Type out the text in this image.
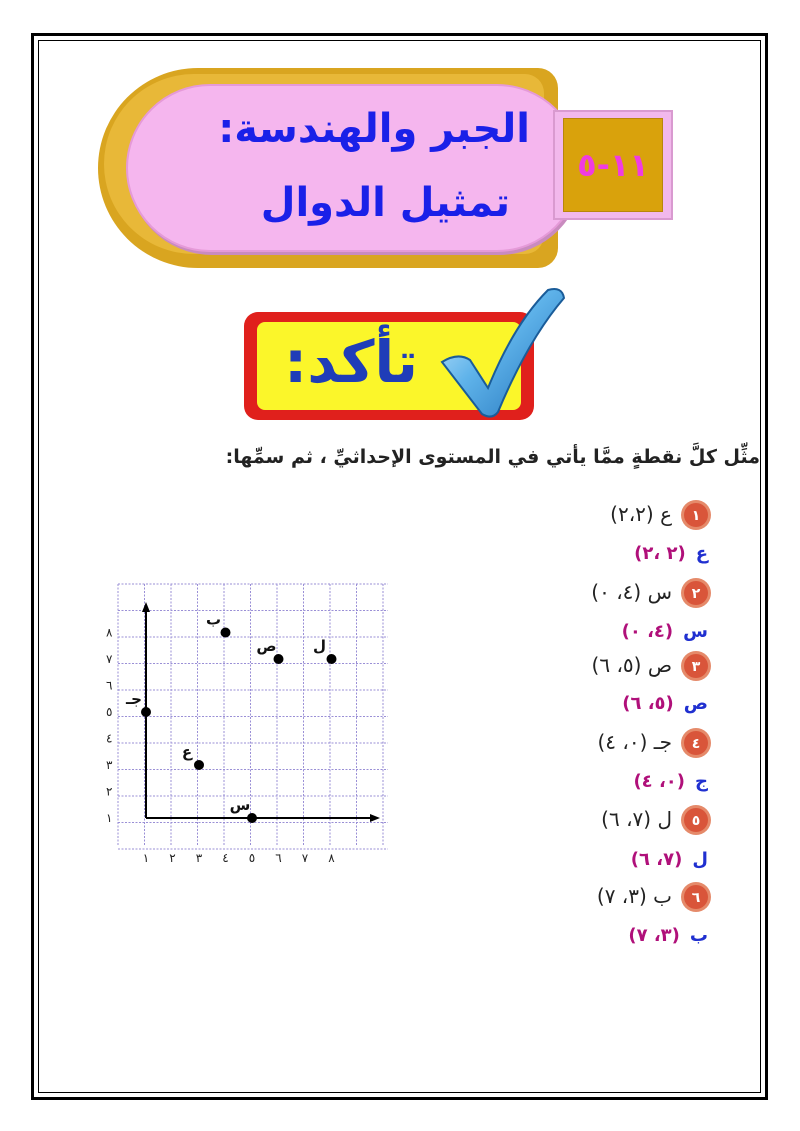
الجبر والهندسة:
تمثيل الدوال
١١-٥
تأكد:
مثِّل كلَّ نقطةٍ ممَّا يأتي في المستوى الإحداثيِّ ، ثم سمِّها:
١
ع (٢،٢)
ع
(٢ ،٢)
٢
س (٤، ٠)
س
(٤، ٠)
٣
ص (٥، ٦)
ص
(٥، ٦)
٤
جـ (٠، ٤)
ج
(٠، ٤)
٥
ل (٧، ٦)
ل
(٧، ٦)
٦
ب (٣، ٧)
ب
(٣، ٧)
١ ٢ ٣ ٤ ٥ ٦ ٧ ٨
١
٢
٣
٤
٥
٦
٧
٨
ب
ص ل
جـ
ع
س
